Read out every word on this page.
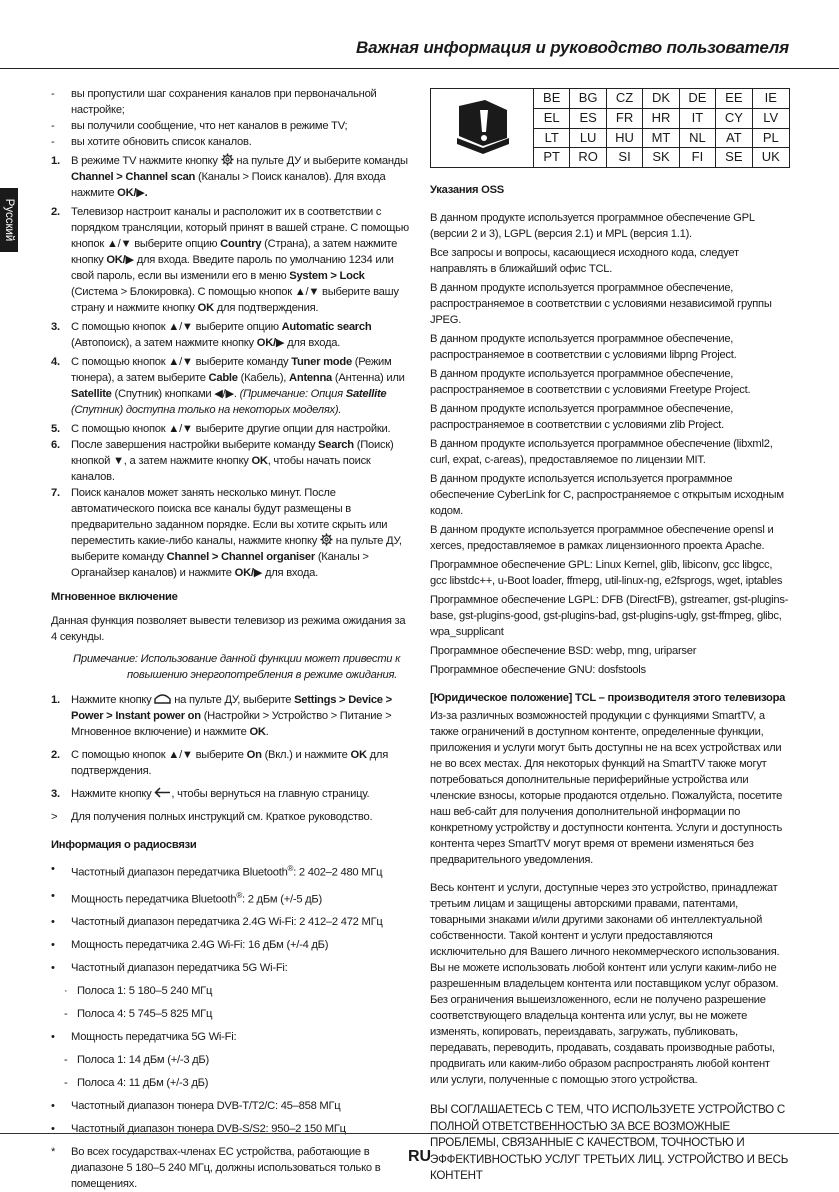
Важная информация и руководство пользователя
Русский
- вы пропустили шаг сохранения каналов при первоначальной настройке;
- вы получили сообщение, что нет каналов в режиме TV;
- вы хотите обновить список каналов.
1. В режиме TV нажмите кнопку на пульте ДУ и выберите команды Channel > Channel scan (Каналы > Поиск каналов). Для входа нажмите OK/▶.
2. Телевизор настроит каналы и расположит их в соответствии с порядком трансляции, который принят в вашей стране. С помощью кнопок ▲/▼ выберите опцию Country (Страна), а затем нажмите кнопку OK/▶ для входа. Введите пароль по умолчанию 1234 или свой пароль, если вы изменили его в меню System > Lock (Система > Блокировка). С помощью кнопок ▲/▼ выберите вашу страну и нажмите кнопку OK для подтверждения.
3. С помощью кнопок ▲/▼ выберите опцию Automatic search (Автопоиск), а затем нажмите кнопку OK/▶ для входа.
4. С помощью кнопок ▲/▼ выберите команду Tuner mode (Режим тюнера), а затем выберите Cable (Кабель), Antenna (Антенна) или Satellite (Спутник) кнопками ◀/▶. (Примечание: Опция Satellite (Спутник) доступна только на некоторых моделях).
5. С помощью кнопок ▲/▼ выберите другие опции для настройки.
6. После завершения настройки выберите команду Search (Поиск) кнопкой ▼, а затем нажмите кнопку OK, чтобы начать поиск каналов.
7. Поиск каналов может занять несколько минут. После автоматического поиска все каналы будут размещены в предварительно заданном порядке. Если вы хотите скрыть или переместить какие-либо каналы, нажмите кнопку на пульте ДУ, выберите команду Channel > Channel organiser (Каналы > Органайзер каналов) и нажмите OK/▶ для входа.
Мгновенное включение
Данная функция позволяет вывести телевизор из режима ожидания за 4 секунды.
Примечание: Использование данной функции может привести к
повышению энергопотребления в режиме ожидания.
1. Нажмите кнопку на пульте ДУ, выберите Settings > Device > Power > Instant power on (Настройки > Устройство > Питание > Мгновенное включение) и нажмите OK.
2. С помощью кнопок ▲/▼ выберите On (Вкл.) и нажмите OK для подтверждения.
3. Нажмите кнопку , чтобы вернуться на главную страницу.
> Для получения полных инструкций см. Краткое руководство.
Информация о радиосвязи
• Частотный диапазон передатчика Bluetooth®: 2 402–2 480 МГц
• Мощность передатчика Bluetooth®: 2 дБм (+/-5 дБ)
• Частотный диапазон передатчика 2.4G Wi-Fi: 2 412–2 472 МГц
• Мощность передатчика 2.4G Wi-Fi: 16 дБм (+/-4 дБ)
• Частотный диапазон передатчика 5G Wi-Fi:
· Полоса 1: 5 180–5 240 МГц
- Полоса 4: 5 745–5 825 МГц
• Мощность передатчика 5G Wi-Fi:
- Полоса 1: 14 дБм (+/-3 дБ)
- Полоса 4: 11 дБм (+/-3 дБ)
• Частотный диапазон тюнера DVB-T/T2/C: 45–858 МГц
• Частотный диапазон тюнера DVB-S/S2: 950–2 150 МГц
* Во всех государствах-членах ЕС устройства, работающие в диапазоне 5 180–5 240 МГц, должны использоваться только в помещениях.
BE	BG	CZ	DK	DE	EE	IE
EL	ES	FR	HR	IT	CY	LV
LT	LU	HU	MT	NL	AT	PL
PT	RO	SI	SK	FI	SE	UK
Указания OSS
В данном продукте используется программное обеспечение GPL (версии 2 и 3), LGPL (версия 2.1) и MPL (версия 1.1).
Все запросы и вопросы, касающиеся исходного кода, следует направлять в ближайший офис TCL.
В данном продукте используется программное обеспечение, распространяемое в соответствии с условиями независимой группы JPEG.
В данном продукте используется программное обеспечение, распространяемое в соответствии с условиями libpng Project.
В данном продукте используется программное обеспечение, распространяемое в соответствии с условиями Freetype Project.
В данном продукте используется программное обеспечение, распространяемое в соответствии с условиями zlib Project.
В данном продукте используется программное обеспечение (libxml2, curl, expat, c-areas), предоставляемое по лицензии MIT.
В данном продукте используется используется программное обеспечение CyberLink for C, распространяемое с открытым исходным кодом.
В данном продукте используется программное обеспечение opensl и xerces, предоставляемое в рамках лицензионного проекта Apache.
Программное обеспечение GPL: Linux Kernel, glib, libiconv, gcc libgcc, gcc libstdc++, u-Boot loader, ffmepg, util-linux-ng, e2fsprogs, wget, iptables
Программное обеспечение LGPL: DFB (DirectFB), gstreamer, gst-plugins-base, gst-plugins-good, gst-plugins-bad, gst-plugins-ugly, gst-ffmpeg, glibc, wpa_supplicant
Программное обеспечение BSD: webp, mng, uriparser
Программное обеспечение GNU: dosfstools
[Юридическое положение] TCL – производителя этого телевизора
Из-за различных возможностей продукции с функциями SmartTV, а также ограничений в доступном контенте, определенные функции, приложения и услуги могут быть доступны не на всех устройствах или не во всех местах. Для некоторых функций на SmartTV также могут потребоваться дополнительные периферийные устройства или членские взносы, которые продаются отдельно. Пожалуйста, посетите наш веб-сайт для получения дополнительной информации по конкретному устройству и доступности контента. Услуги и доступность контента через SmartTV могут время от времени изменяться без предварительного уведомления.
Весь контент и услуги, доступные через это устройство, принадлежат третьим лицам и защищены авторскими правами, патентами, товарными знаками и/или другими законами об интеллектуальной собственности. Такой контент и услуги предоставляются исключительно для Вашего личного некоммерческого использования. Вы не можете использовать любой контент или услуги каким-либо не разрешенным владельцем контента или поставщиком услуг образом. Без ограничения вышеизложенного, если не получено разрешение соответствующего владельца контента или услуг, вы не можете изменять, копировать, переиздавать, загружать, публиковать, передавать, переводить, продавать, создавать производные работы, продвигать или каким-либо образом распространять любой контент или услуги, полученные с помощью этого устройства.
ВЫ СОГЛАШАЕТЕСЬ С ТЕМ, ЧТО ИСПОЛЬЗУЕТЕ УСТРОЙСТВО С ПОЛНОЙ ОТВЕТСТВЕННОСТЬЮ ЗА ВСЕ ВОЗМОЖНЫЕ ПРОБЛЕМЫ, СВЯЗАННЫЕ С КАЧЕСТВОМ, ТОЧНОСТЬЮ И ЭФФЕКТИВНОСТЬЮ УСЛУГ ТРЕТЬИХ ЛИЦ. УСТРОЙСТВО И ВЕСЬ КОНТЕНТ
RU
